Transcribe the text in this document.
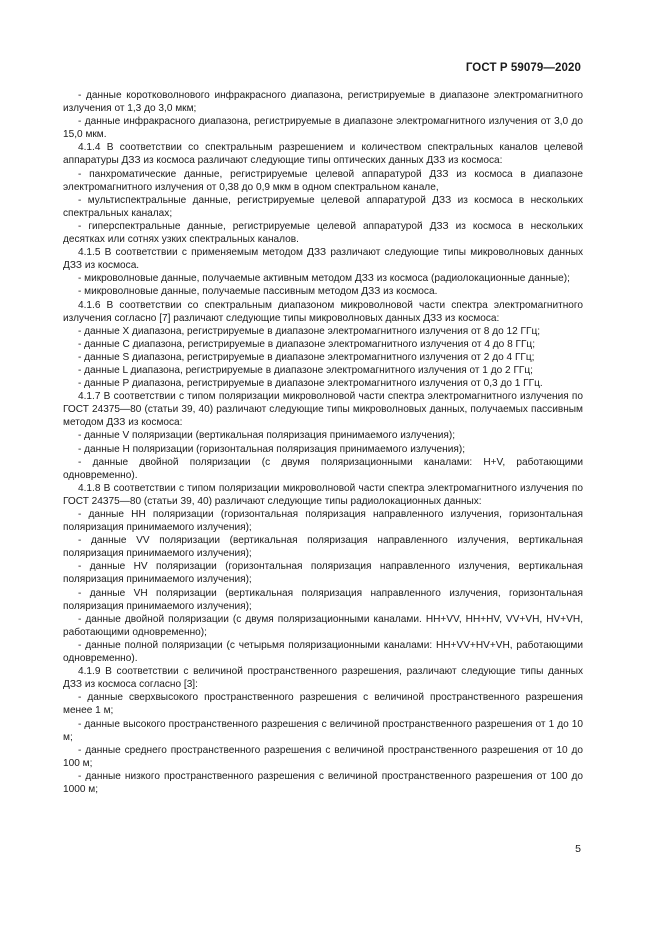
ГОСТ Р 59079—2020

- данные коротковолнового инфракрасного диапазона, регистрируемые в диапазоне электромагнитного излучения от 1,3 до 3,0 мкм;

- данные инфракрасного диапазона, регистрируемые в диапазоне электромагнитного излучения от 3,0 до 15,0 мкм.

4.1.4 В соответствии со спектральным разрешением и количеством спектральных каналов целевой аппаратуры ДЗЗ из космоса различают следующие типы оптических данных ДЗЗ из космоса:

- панхроматические данные, регистрируемые целевой аппаратурой ДЗЗ из космоса в диапазоне электромагнитного излучения от 0,38 до 0,9 мкм в одном спектральном канале,

- мультиспектральные данные, регистрируемые целевой аппаратурой ДЗЗ из космоса в нескольких спектральных каналах;

- гиперспектральные данные, регистрируемые целевой аппаратурой ДЗЗ из космоса в нескольких десятках или сотнях узких спектральных каналов.

4.1.5 В соответствии с применяемым методом ДЗЗ различают следующие типы микроволновых данных ДЗЗ из космоса.

- микроволновые данные, получаемые активным методом ДЗЗ из космоса (радиолокационные данные);

- микроволновые данные, получаемые пассивным методом ДЗЗ из космоса.

4.1.6 В соответствии со спектральным диапазоном микроволновой части спектра электромагнитного излучения согласно [7] различают следующие типы микроволновых данных ДЗЗ из космоса:

- данные X диапазона, регистрируемые в диапазоне электромагнитного излучения от 8 до 12 ГГц;

- данные C диапазона, регистрируемые в диапазоне электромагнитного излучения от 4 до 8 ГГц;

- данные S диапазона, регистрируемые в диапазоне электромагнитного излучения от 2 до 4 ГГц;

- данные L диапазона, регистрируемые в диапазоне электромагнитного излучения от 1 до 2 ГГц;

- данные P диапазона, регистрируемые в диапазоне электромагнитного излучения от 0,3 до 1 ГГц.

4.1.7 В соответствии с типом поляризации микроволновой части спектра электромагнитного излучения по ГОСТ 24375—80 (статьи 39, 40) различают следующие типы микроволновых данных, получаемых пассивным методом ДЗЗ из космоса:

- данные V поляризации (вертикальная поляризация принимаемого излучения);

- данные H поляризации (горизонтальная поляризация принимаемого излучения);

- данные двойной поляризации (с двумя поляризационными каналами: H+V, работающими одновременно).

4.1.8 В соответствии с типом поляризации микроволновой части спектра электромагнитного излучения по ГОСТ 24375—80 (статьи 39, 40) различают следующие типы радиолокационных данных:

- данные HH поляризации (горизонтальная поляризация направленного излучения, горизонтальная поляризация принимаемого излучения);

- данные VV поляризации (вертикальная поляризация направленного излучения, вертикальная поляризация принимаемого излучения);

- данные HV поляризации (горизонтальная поляризация направленного излучения, вертикальная поляризация принимаемого излучения);

- данные VH поляризации (вертикальная поляризация направленного излучения, горизонтальная поляризация принимаемого излучения);

- данные двойной поляризации (с двумя поляризационными каналами. HH+VV, HH+HV, VV+VH, HV+VH, работающими одновременно);

- данные полной поляризации (с четырьмя поляризационными каналами: HH+VV+HV+VH, работающими одновременно).

4.1.9 В соответствии с величиной пространственного разрешения, различают следующие типы данных ДЗЗ из космоса согласно [3]:

- данные сверхвысокого пространственного разрешения с величиной пространственного разрешения менее 1 м;

- данные высокого пространственного разрешения с величиной пространственного разрешения от 1 до 10 м;

- данные среднего пространственного разрешения с величиной пространственного разрешения от 10 до 100 м;

- данные низкого пространственного разрешения с величиной пространственного разрешения от 100 до 1000 м;

5
